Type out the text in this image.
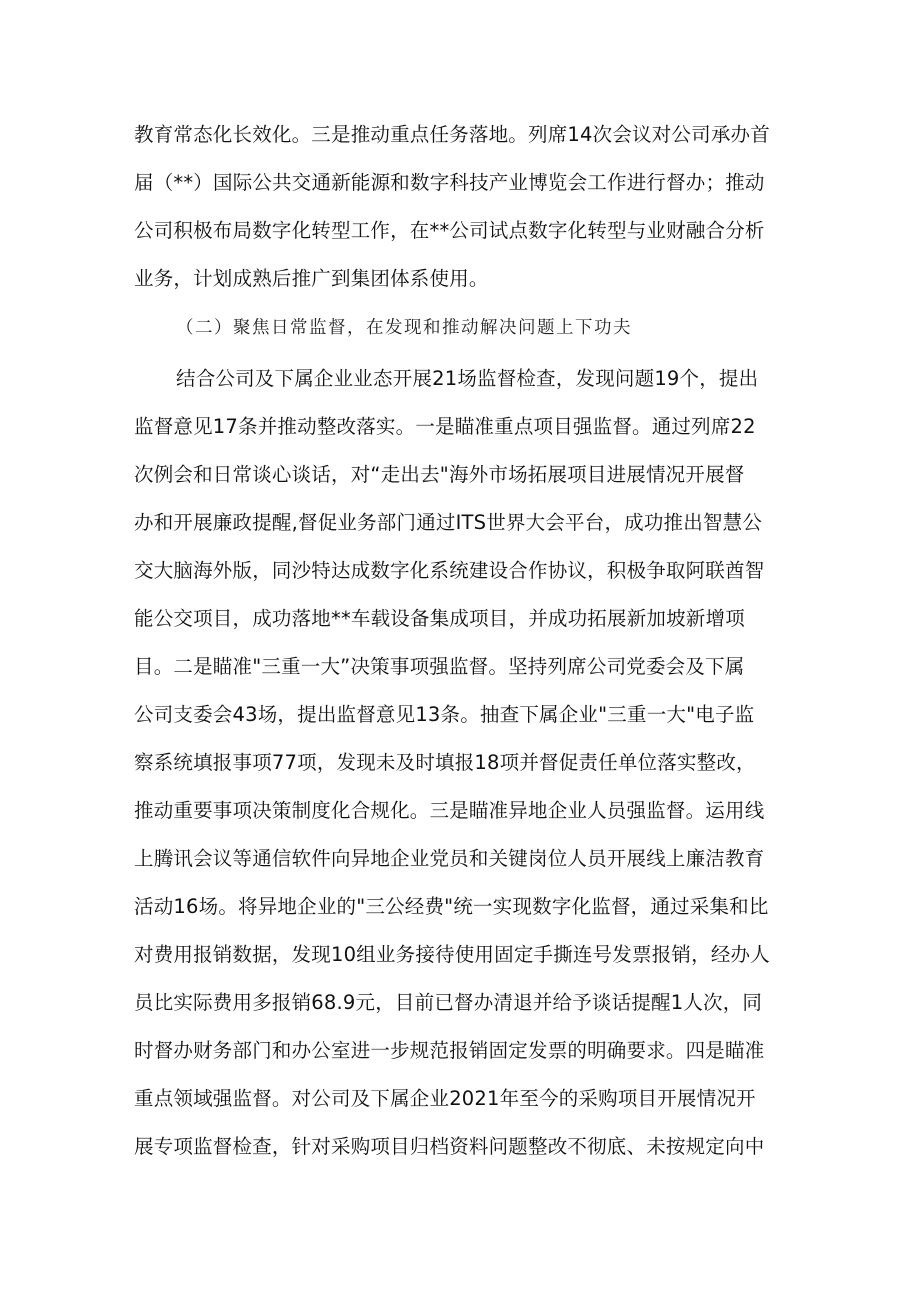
教育常态化长效化。三是推动重点任务落地。列席14次会议对公司承办首
届（**）国际公共交通新能源和数字科技产业博览会工作进行督办；推动
公司积极布局数字化转型工作，在**公司试点数字化转型与业财融合分析
业务，计划成熟后推广到集团体系使用。
（二）聚焦日常监督，在发现和推动解决问题上下功夫
结合公司及下属企业业态开展21场监督检查，发现问题19个，提出
监督意见17条并推动整改落实。一是瞄准重点项目强监督。通过列席22
次例会和日常谈心谈话，对“走出去"海外市场拓展项目进展情况开展督
办和开展廉政提醒,督促业务部门通过ITS世界大会平台，成功推出智慧公
交大脑海外版，同沙特达成数字化系统建设合作协议，积极争取阿联酋智
能公交项目，成功落地**车载设备集成项目，并成功拓展新加坡新增项
目。二是瞄准"三重一大”决策事项强监督。坚持列席公司党委会及下属
公司支委会43场，提出监督意见13条。抽查下属企业"三重一大"电子监
察系统填报事项77项，发现未及时填报18项并督促责任单位落实整改，
推动重要事项决策制度化合规化。三是瞄准异地企业人员强监督。运用线
上腾讯会议等通信软件向异地企业党员和关键岗位人员开展线上廉洁教育
活动16场。将异地企业的"三公经费"统一实现数字化监督，通过采集和比
对费用报销数据，发现10组业务接待使用固定手撕连号发票报销，经办人
员比实际费用多报销68.9元，目前已督办清退并给予谈话提醒1人次，同
时督办财务部门和办公室进一步规范报销固定发票的明确要求。四是瞄准
重点领域强监督。对公司及下属企业2021年至今的采购项目开展情况开
展专项监督检查，针对采购项目归档资料问题整改不彻底、未按规定向中
